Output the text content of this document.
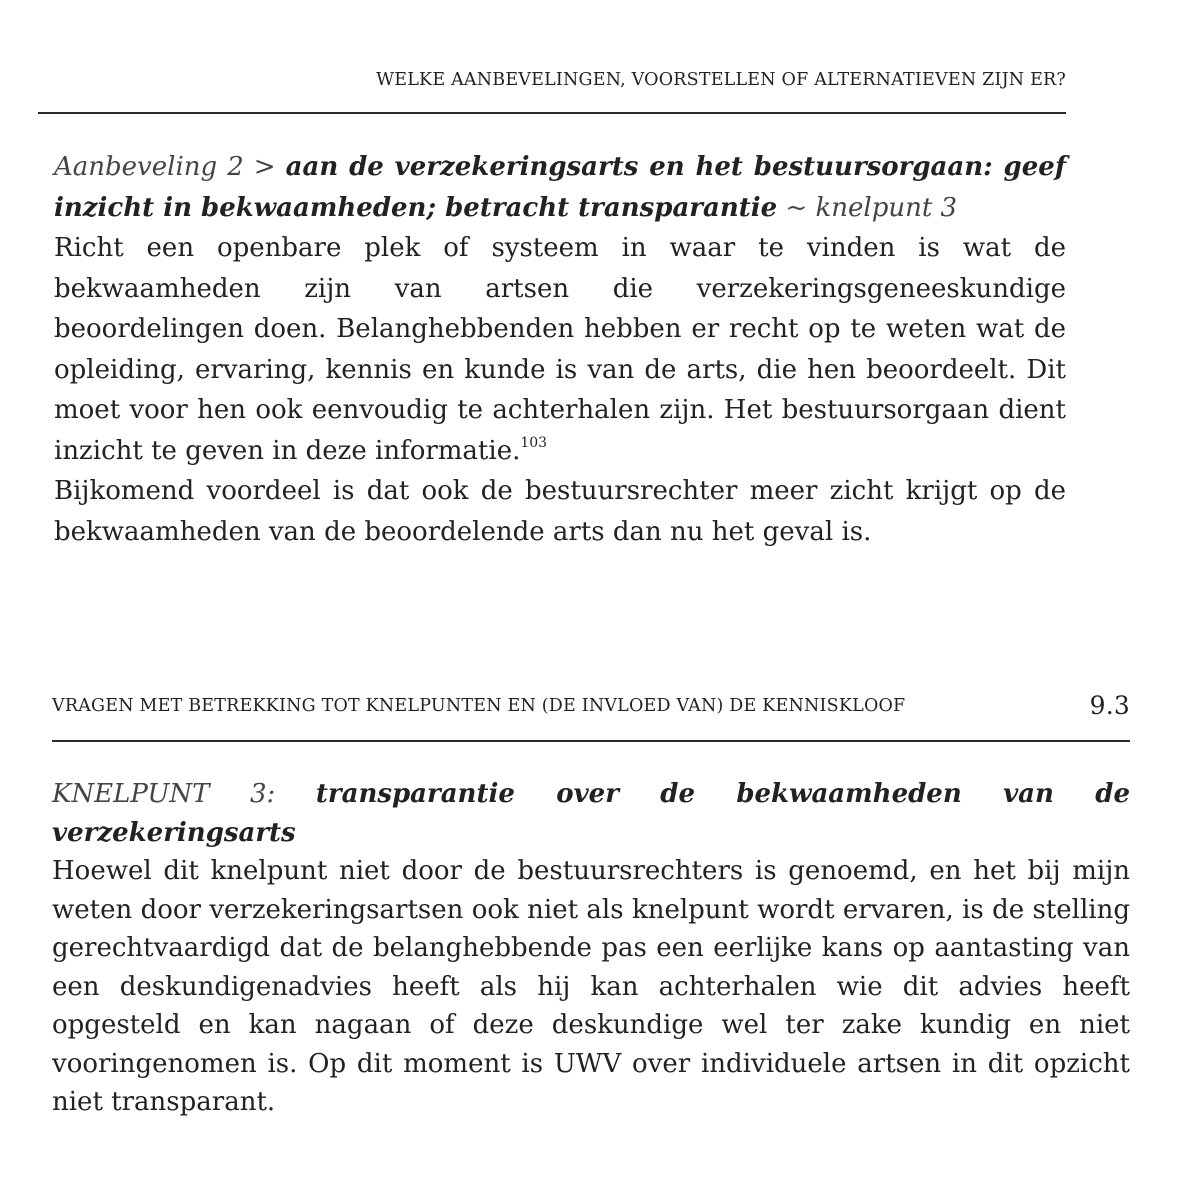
WELKE AANBEVELINGEN, VOORSTELLEN OF ALTERNATIEVEN ZIJN ER?

Aanbeveling 2 > aan de verzekeringsarts en het bestuursorgaan: geef inzicht in bekwaamheden; betracht transparantie ~ knelpunt 3

Richt een openbare plek of systeem in waar te vinden is wat de bekwaamheden zijn van artsen die verzekeringsgeneeskundige beoordelingen doen. Belanghebbenden hebben er recht op te weten wat de opleiding, ervaring, kennis en kunde is van de arts, die hen beoordeelt. Dit moet voor hen ook eenvoudig te achterhalen zijn. Het bestuursorgaan dient inzicht te geven in deze informatie.$^{103}$

Bijkomend voordeel is dat ook de bestuursrechter meer zicht krijgt op de bekwaamheden van de beoordelende arts dan nu het geval is.

VRAGEN MET BETREKKING TOT KNELPUNTEN EN (DE INVLOED VAN) DE KENNISKLOOF	9.3

KNELPUNT 3: transparantie over de bekwaamheden van de verzekeringsarts

Hoewel dit knelpunt niet door de bestuursrechters is genoemd, en het bij mijn weten door verzekeringsartsen ook niet als knelpunt wordt ervaren, is de stelling gerechtvaardigd dat de belanghebbende pas een eerlijke kans op aantasting van een deskundigenadvies heeft als hij kan achterhalen wie dit advies heeft opgesteld en kan nagaan of deze deskundige wel ter zake kundig en niet vooringenomen is. Op dit moment is UWV over individuele artsen in dit opzicht niet transparant.
